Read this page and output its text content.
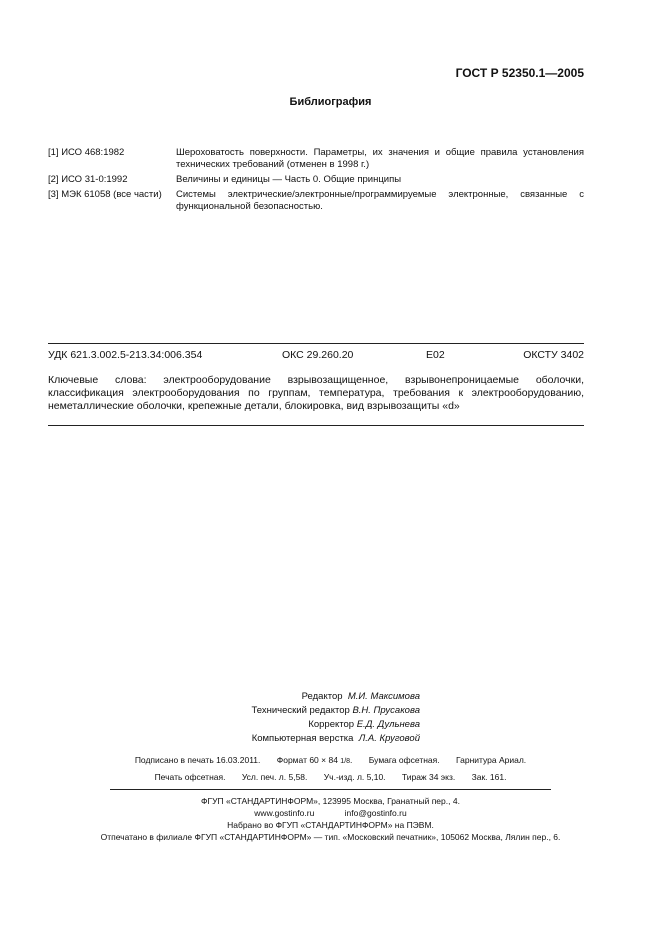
ГОСТ Р 52350.1—2005
Библиография
[1] ИСО 468:1982	Шероховатость поверхности. Параметры, их значения и общие правила установления технических требований (отменен в 1998 г.)
[2] ИСО 31-0:1992	Величины и единицы — Часть 0. Общие принципы
[3] МЭК 61058 (все части)	Системы электрические/электронные/программируемые электронные, связанные с функциональной безопасностью.
УДК 621.3.002.5-213.34:006.354	ОКС 29.260.20	Е02	ОКСТУ 3402
Ключевые слова: электрооборудование взрывозащищенное, взрывонепроницаемые оболочки, классификация электрооборудования по группам, температура, требования к электрооборудованию, неметаллические оболочки, крепежные детали, блокировка, вид взрывозащиты «d»
Редактор М.И. Максимова
Технический редактор В.Н. Прусакова
Корректор Е.Д. Дульнева
Компьютерная верстка Л.А. Круговой
Подписано в печать 16.03.2011. Формат 60 × 84 1/8. Бумага офсетная. Гарнитура Ариал.
Печать офсетная. Усл. печ. л. 5,58. Уч.-изд. л. 5,10. Тираж 34 экз. Зак. 161.
ФГУП «СТАНДАРТИНФОРМ», 123995 Москва, Гранатный пер., 4.
www.gostinfo.ru	info@gostinfo.ru
Набрано во ФГУП «СТАНДАРТИНФОРМ» на ПЭВМ.
Отпечатано в филиале ФГУП «СТАНДАРТИНФОРМ» — тип. «Московский печатник», 105062 Москва, Лялин пер., 6.
